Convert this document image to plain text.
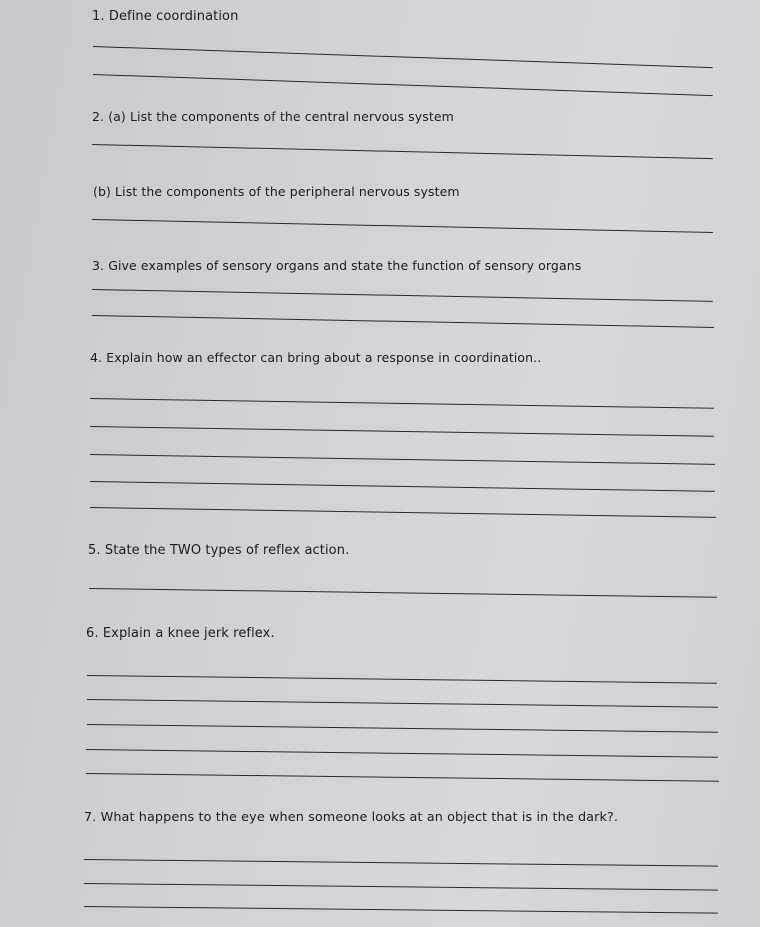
1. Define coordination
2. (a) List the components of the central nervous system
(b) List the components of the peripheral nervous system
3. Give examples of sensory organs and state the function of sensory organs
4. Explain how an effector can bring about a response in coordination..
5. State the TWO types of reflex action.
6. Explain a knee jerk reflex.
7. What happens to the eye when someone looks at an object that is in the dark?.
